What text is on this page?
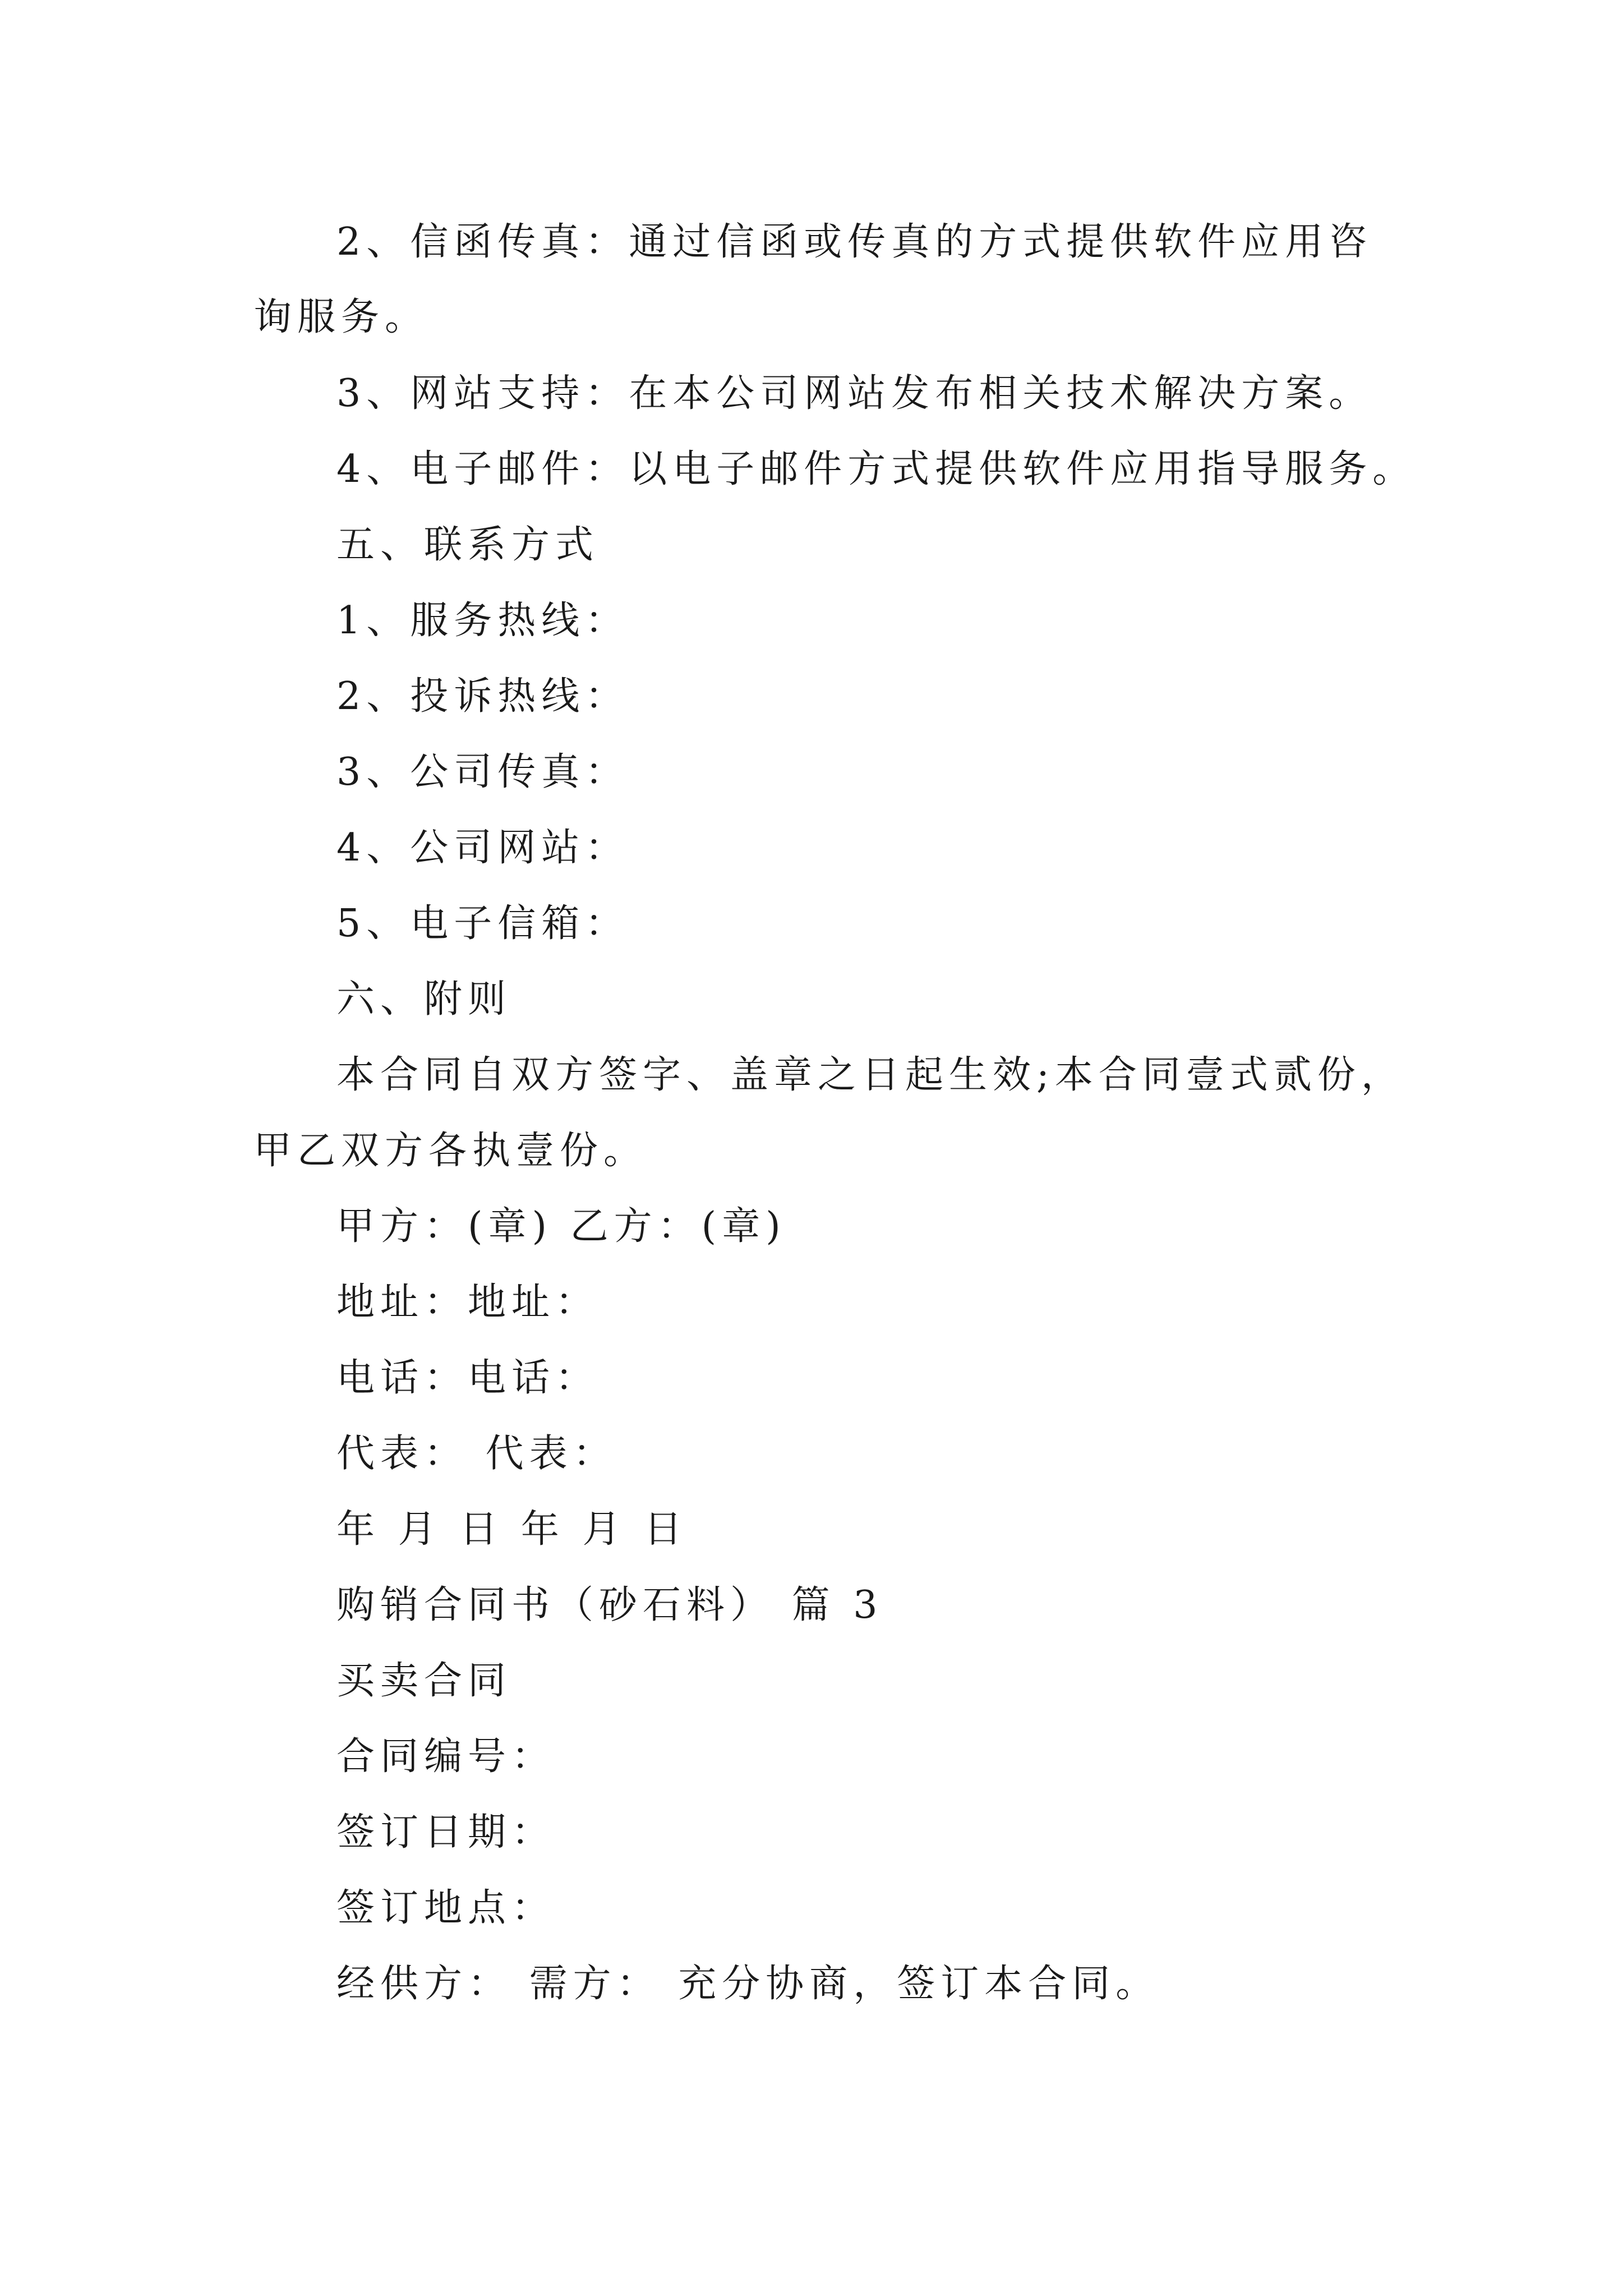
2、信函传真：通过信函或传真的方式提供软件应用咨
询服务。
3、网站支持：在本公司网站发布相关技术解决方案。
4、电子邮件：以电子邮件方式提供软件应用指导服务。
五、联系方式
1、服务热线：
2、投诉热线：
3、公司传真：
4、公司网站：
5、电子信箱：
六、附则
本合同自双方签字、盖章之日起生效;本合同壹式贰份，
甲乙双方各执壹份。
甲方：(章) 乙方：(章)
地址：地址：
电话：电话：
代表： 代表：
年 月 日 年 月 日
购销合同书（砂石料） 篇 3
买卖合同
合同编号：
签订日期：
签订地点：
经供方： 需方： 充分协商，签订本合同。
